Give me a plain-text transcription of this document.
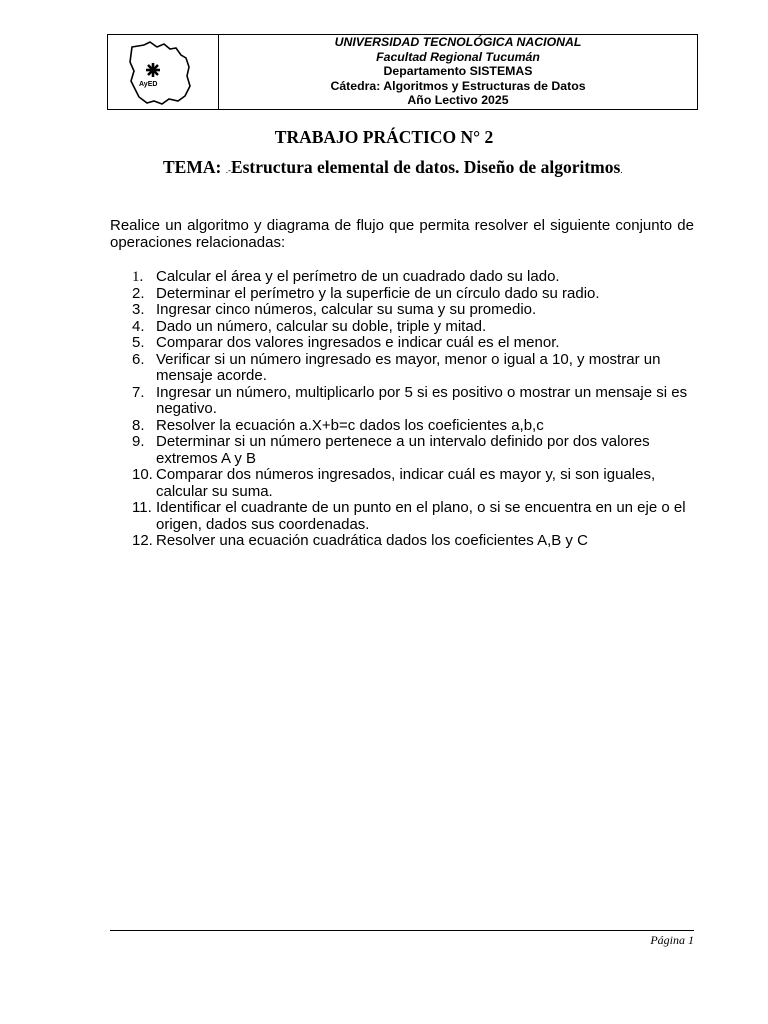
AyED
UNIVERSIDAD TECNOLÓGICA NACIONAL
Facultad Regional Tucumán
Departamento SISTEMAS
Cátedra: Algoritmos y Estructuras de Datos
Año Lectivo 2025
TRABAJO PRÁCTICO N° 2
TEMA: .-Estructura elemental de datos. Diseño de algoritmos.
Realice un algoritmo y diagrama de flujo que permita resolver el siguiente conjunto de operaciones relacionadas:
1. Calcular el área y el perímetro de un cuadrado dado su lado.
2. Determinar el perímetro y la superficie de un círculo dado su radio.
3. Ingresar cinco números, calcular su suma y su promedio.
4. Dado un número, calcular su doble, triple y mitad.
5. Comparar dos valores ingresados e indicar cuál es el menor.
6. Verificar si un número ingresado es mayor, menor o igual a 10, y mostrar un mensaje acorde.
7. Ingresar un número, multiplicarlo por 5 si es positivo o mostrar un mensaje si es negativo.
8. Resolver la ecuación a.X+b=c dados los coeficientes a,b,c
9. Determinar si un número pertenece a un intervalo definido por dos valores extremos A y B
10. Comparar dos números ingresados, indicar cuál es mayor y, si son iguales, calcular su suma.
11. Identificar el cuadrante de un punto en el plano, o si se encuentra en un eje o el origen, dados sus coordenadas.
12. Resolver una ecuación cuadrática dados los coeficientes A,B y C
Página 1
